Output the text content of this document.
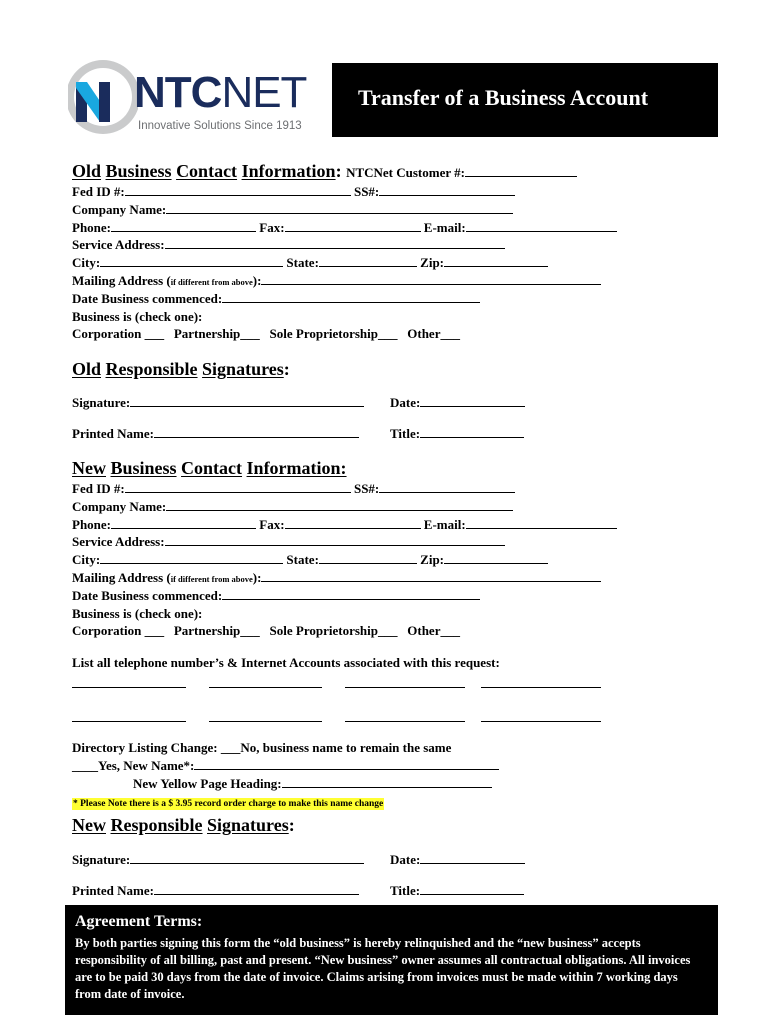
NTCNET
Innovative Solutions Since 1913
Transfer of a Business Account
Old Business Contact Information: NTCNet Customer #:
Fed ID #:	SS#:
Company Name:
Phone:	Fax:	E-mail:
Service Address:
City:	State:	Zip:
Mailing Address (if different from above):
Date Business commenced:
Business is (check one):
Corporation ___ Partnership___ Sole Proprietorship___ Other___
Old Responsible Signatures:
Signature:	Date:
Printed Name:	Title:
New Business Contact Information:
Fed ID #:	SS#:
Company Name:
Phone:	Fax:	E-mail:
Service Address:
City:	State:	Zip:
Mailing Address (if different from above):
Date Business commenced:
Business is (check one):
Corporation ___ Partnership___ Sole Proprietorship___ Other___
List all telephone number’s & Internet Accounts associated with this request:
Directory Listing Change: ___No, business name to remain the same
____Yes, New Name*:
New Yellow Page Heading:
* Please Note there is a $ 3.95 record order charge to make this name change
New Responsible Signatures:
Signature:	Date:
Printed Name:	Title:
Agreement Terms:
By both parties signing this form the “old business” is hereby relinquished and the “new business” accepts responsibility of all billing, past and present. “New business” owner assumes all contractual obligations. All invoices are to be paid 30 days from the date of invoice. Claims arising from invoices must be made within 7 working days from date of invoice.
